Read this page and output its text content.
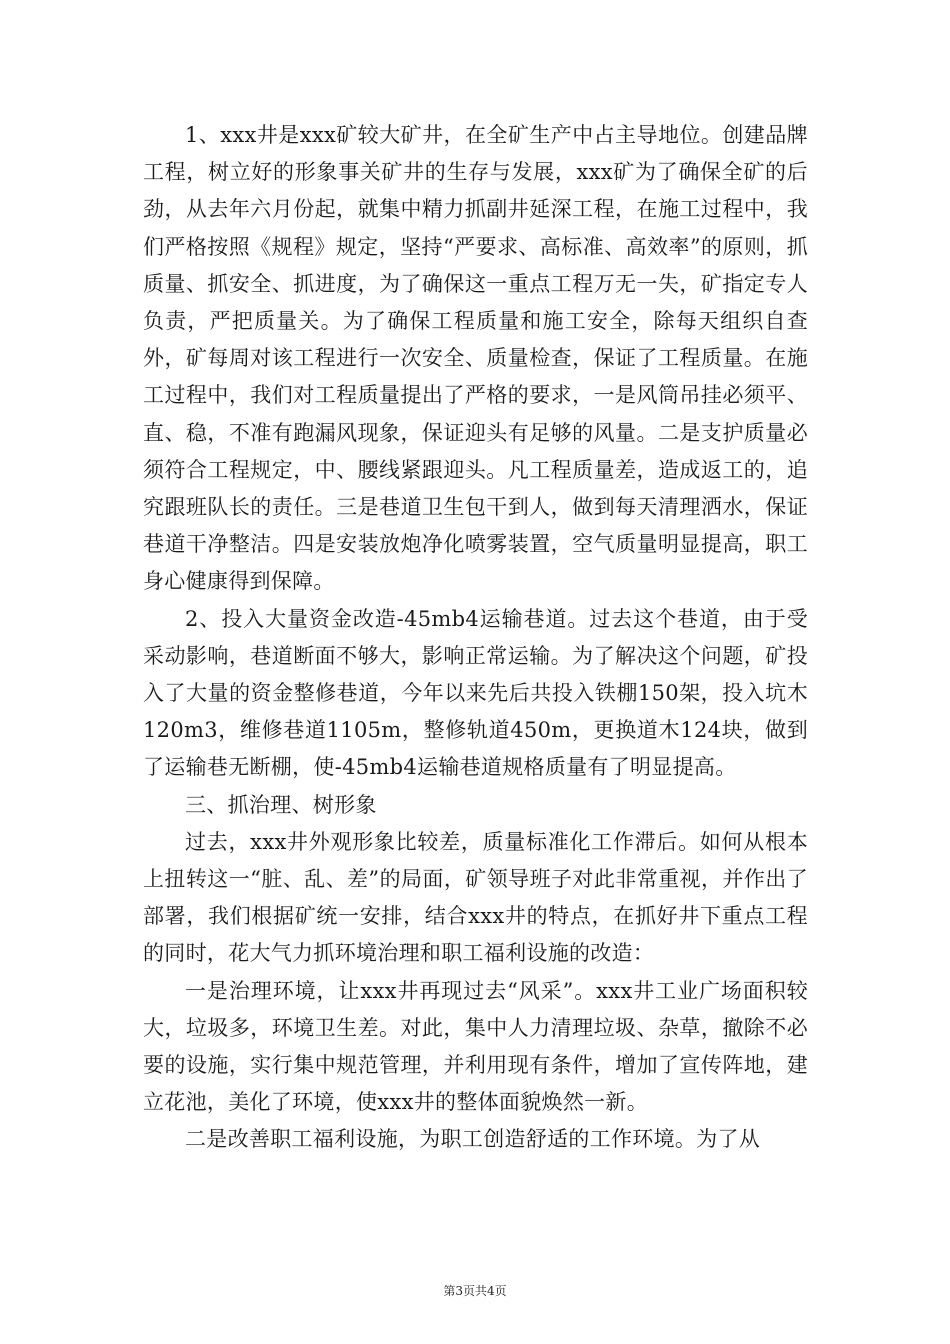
1、xxx井是xxx矿较大矿井，在全矿生产中占主导地位。创建品牌工程，树立好的形象事关矿井的生存与发展，xxx矿为了确保全矿的后劲，从去年六月份起，就集中精力抓副井延深工程，在施工过程中，我们严格按照《规程》规定，坚持“严要求、高标准、高效率”的原则，抓质量、抓安全、抓进度，为了确保这一重点工程万无一失，矿指定专人负责，严把质量关。为了确保工程质量和施工安全，除每天组织自查外，矿每周对该工程进行一次安全、质量检查，保证了工程质量。在施工过程中，我们对工程质量提出了严格的要求，一是风筒吊挂必须平、直、稳，不准有跑漏风现象，保证迎头有足够的风量。二是支护质量必须符合工程规定，中、腰线紧跟迎头。凡工程质量差，造成返工的，追究跟班队长的责任。三是巷道卫生包干到人，做到每天清理洒水，保证巷道干净整洁。四是安装放炮净化喷雾装置，空气质量明显提高，职工身心健康得到保障。

2、投入大量资金改造-45mb4运输巷道。过去这个巷道，由于受采动影响，巷道断面不够大，影响正常运输。为了解决这个问题，矿投入了大量的资金整修巷道，今年以来先后共投入铁棚150架，投入坑木120m3，维修巷道1105m，整修轨道450m，更换道木124块，做到了运输巷无断棚，使-45mb4运输巷道规格质量有了明显提高。

三、抓治理、树形象

过去，xxx井外观形象比较差，质量标准化工作滞后。如何从根本上扭转这一“脏、乱、差”的局面，矿领导班子对此非常重视，并作出了部署，我们根据矿统一安排，结合xxx井的特点，在抓好井下重点工程的同时，花大气力抓环境治理和职工福利设施的改造：

一是治理环境，让xxx井再现过去“风采”。xxx井工业广场面积较大，垃圾多，环境卫生差。对此，集中人力清理垃圾、杂草，撤除不必要的设施，实行集中规范管理，并利用现有条件，增加了宣传阵地，建立花池，美化了环境，使xxx井的整体面貌焕然一新。

二是改善职工福利设施，为职工创造舒适的工作环境。为了从

第3页共4页
